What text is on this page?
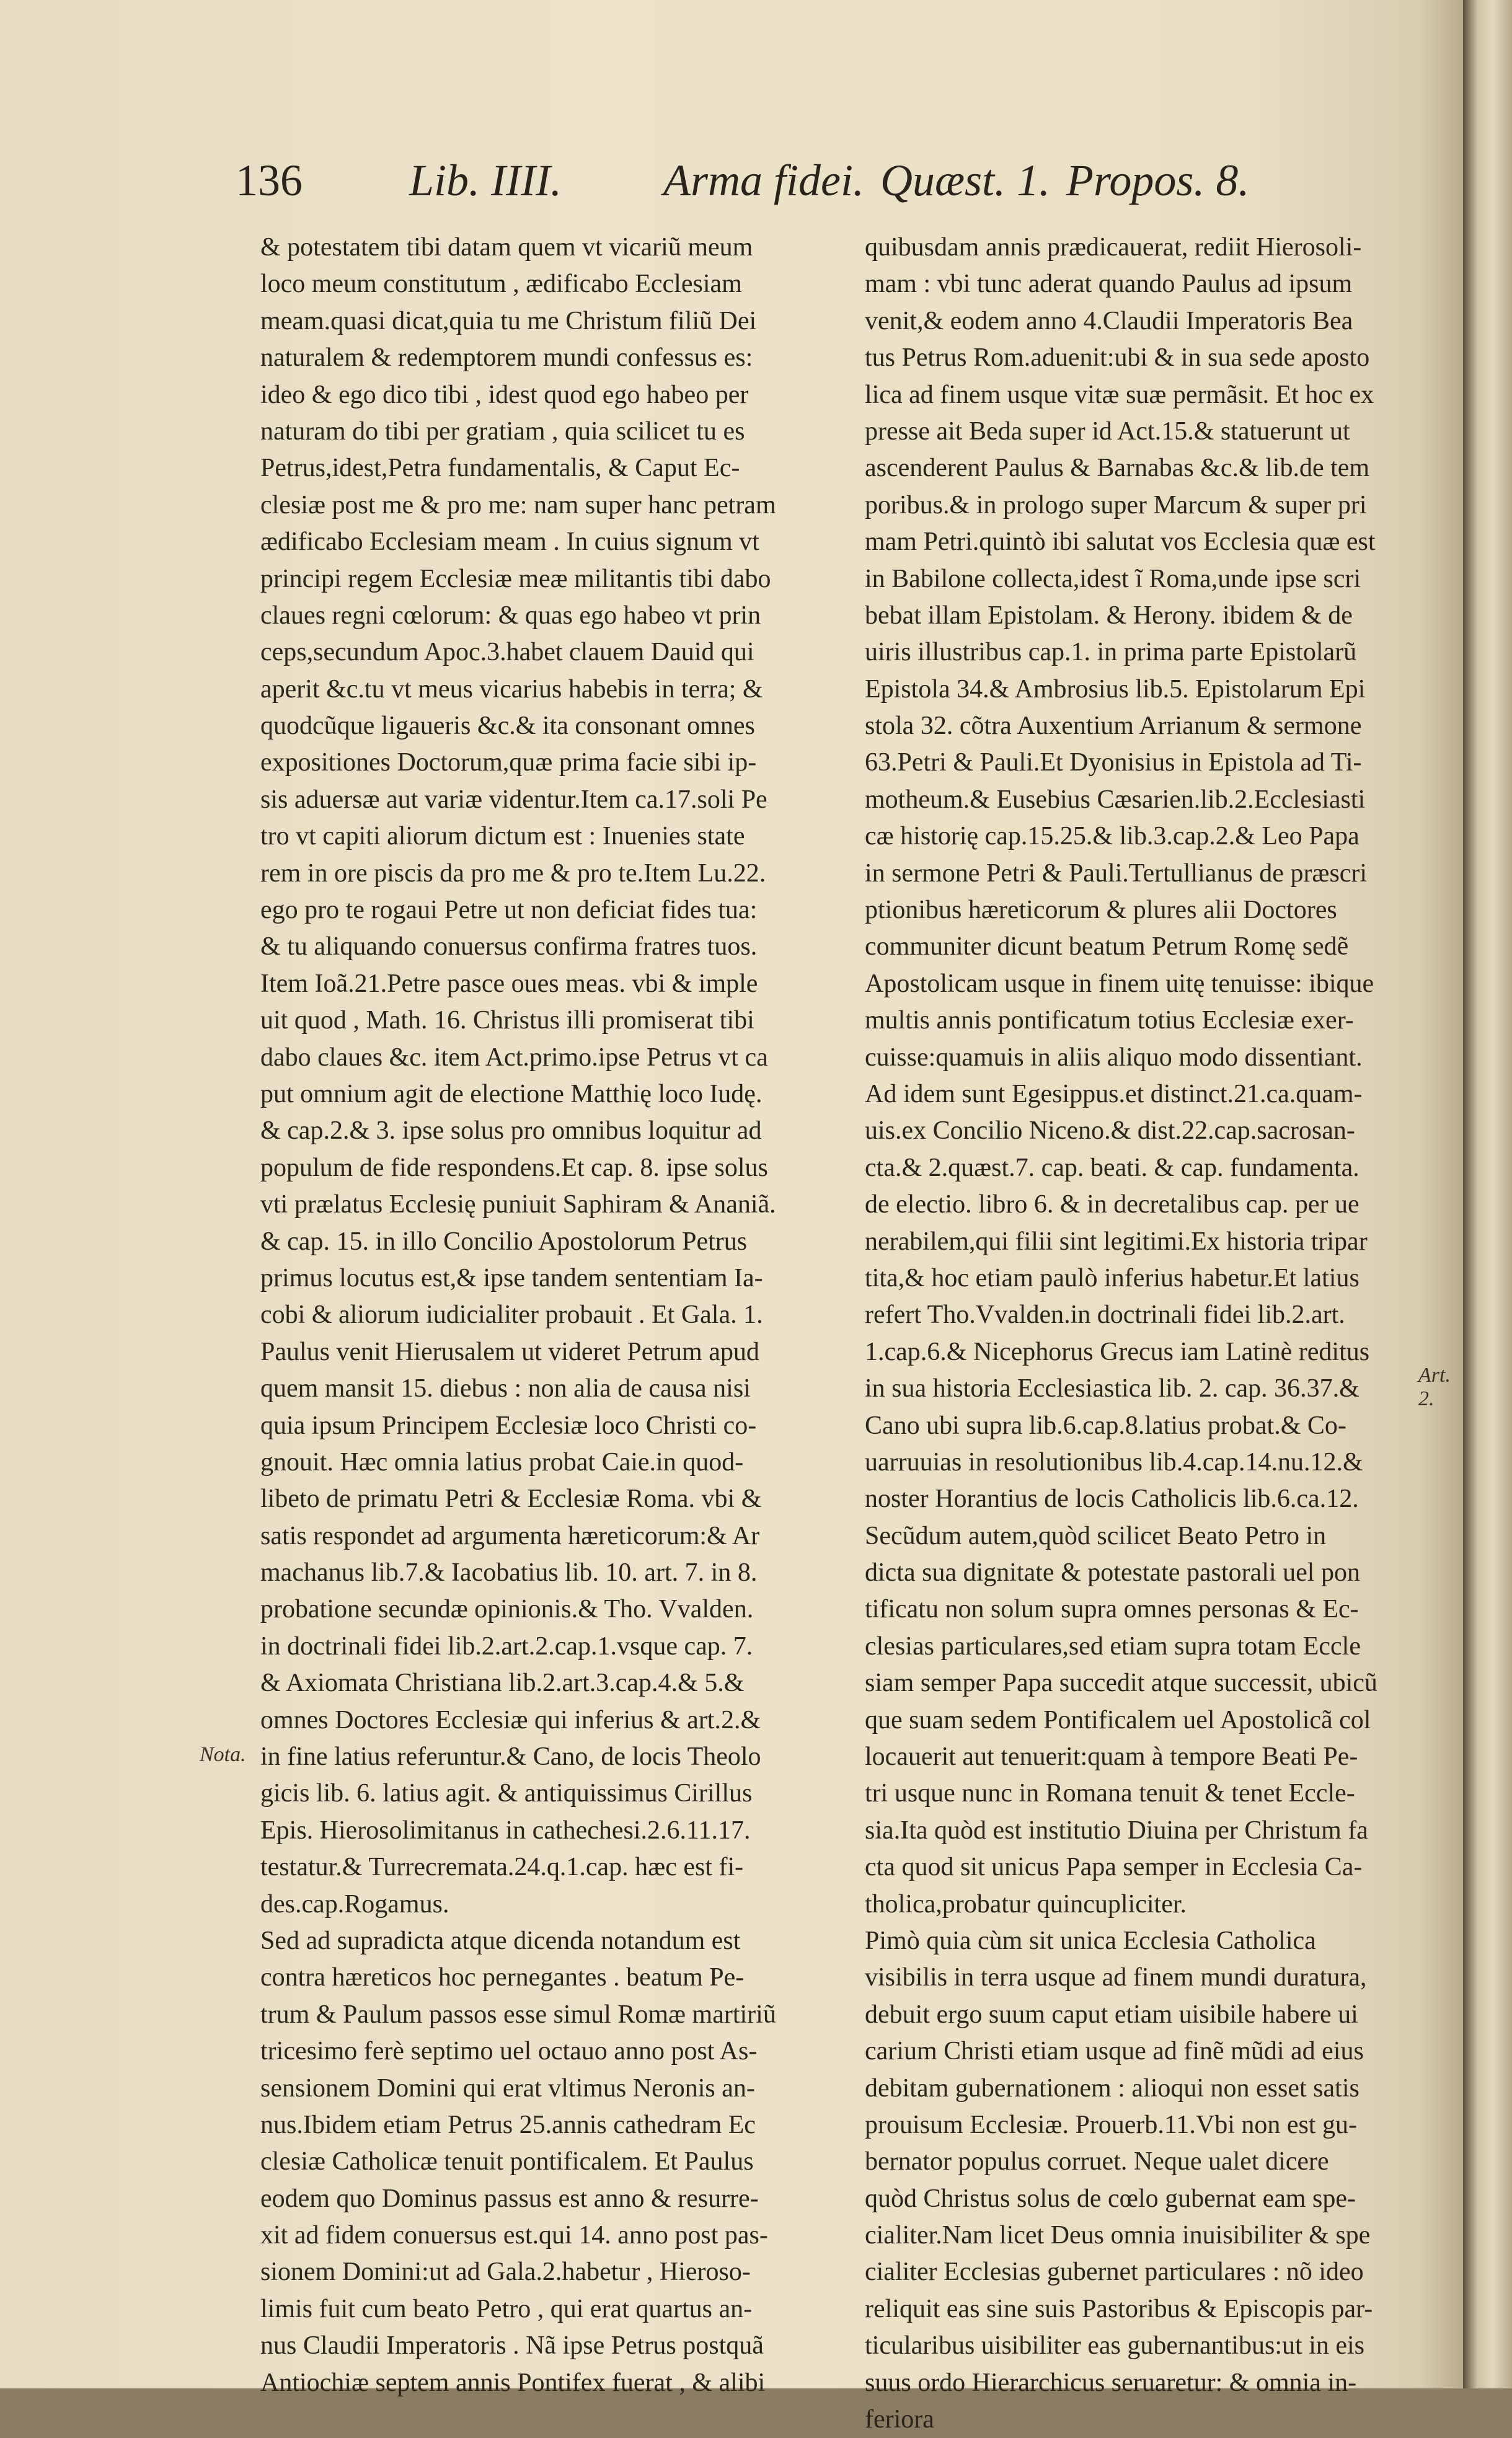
136 Lib. IIII. Arma fidei. Quæst. 1. Propos. 8.
& potestatem tibi datam quem vt vicariũ meum
loco meum constitutum , ædificabo Ecclesiam
meam.quasi dicat,quia tu me Christum filiũ Dei
naturalem & redemptorem mundi confessus es:
ideo & ego dico tibi , idest quod ego habeo per
naturam do tibi per gratiam , quia scilicet tu es
Petrus,idest,Petra fundamentalis, & Caput Ec-
clesiæ post me & pro me: nam super hanc petram
ædificabo Ecclesiam meam . In cuius signum vt
principi regem Ecclesiæ meæ militantis tibi dabo
claues regni cœlorum: & quas ego habeo vt prin
ceps,secundum Apoc.3.habet clauem Dauid qui
aperit &c.tu vt meus vicarius habebis in terra; &
quodcũque ligaueris &c.& ita consonant omnes
expositiones Doctorum,quæ prima facie sibi ip-
sis aduersæ aut variæ videntur.Item ca.17.soli Pe
tro vt capiti aliorum dictum est : Inuenies state
rem in ore piscis da pro me & pro te.Item Lu.22.
ego pro te rogaui Petre ut non deficiat fides tua:
& tu aliquando conuersus confirma fratres tuos.
Item Ioã.21.Petre pasce oues meas. vbi & imple
uit quod , Math. 16. Christus illi promiserat tibi
dabo claues &c. item Act.primo.ipse Petrus vt ca
put omnium agit de electione Matthię loco Iudę.
& cap.2.& 3. ipse solus pro omnibus loquitur ad
populum de fide respondens.Et cap. 8. ipse solus
vti prælatus Ecclesię puniuit Saphiram & Ananiã.
& cap. 15. in illo Concilio Apostolorum Petrus
primus locutus est,& ipse tandem sententiam Ia-
cobi & aliorum iudicialiter probauit . Et Gala. 1.
Paulus venit Hierusalem ut videret Petrum apud
quem mansit 15. diebus : non alia de causa nisi
quia ipsum Principem Ecclesiæ loco Christi co-
gnouit. Hæc omnia latius probat Caie.in quod-
libeto de primatu Petri & Ecclesiæ Roma. vbi &
satis respondet ad argumenta hæreticorum:& Ar
machanus lib.7.& Iacobatius lib. 10. art. 7. in 8.
probatione secundæ opinionis.& Tho. Vvalden.
in doctrinali fidei lib.2.art.2.cap.1.vsque cap. 7.
& Axiomata Christiana lib.2.art.3.cap.4.& 5.&
omnes Doctores Ecclesiæ qui inferius & art.2.&
in fine latius referuntur.& Cano, de locis Theolo
gicis lib. 6. latius agit. & antiquissimus Cirillus
Epis. Hierosolimitanus in cathechesi.2.6.11.17.
testatur.& Turrecremata.24.q.1.cap. hæc est fi-
des.cap.Rogamus.
Sed ad supradicta atque dicenda notandum est
contra hæreticos hoc pernegantes . beatum Pe-
trum & Paulum passos esse simul Romæ martiriũ
tricesimo ferè septimo uel octauo anno post As-
sensionem Domini qui erat vltimus Neronis an-
nus.Ibidem etiam Petrus 25.annis cathedram Ec
clesiæ Catholicæ tenuit pontificalem. Et Paulus
eodem quo Dominus passus est anno & resurre-
xit ad fidem conuersus est.qui 14. anno post pas-
sionem Domini:ut ad Gala.2.habetur , Hieroso-
limis fuit cum beato Petro , qui erat quartus an-
nus Claudii Imperatoris . Nã ipse Petrus postquã
Antiochiæ septem annis Pontifex fuerat , & alibi
quibusdam annis prædicauerat, rediit Hierosoli-
mam : vbi tunc aderat quando Paulus ad ipsum
venit,& eodem anno 4.Claudii Imperatoris Bea
tus Petrus Rom.aduenit:ubi & in sua sede aposto
lica ad finem usque vitæ suæ permãsit. Et hoc ex
presse ait Beda super id Act.15.& statuerunt ut
ascenderent Paulus & Barnabas &c.& lib.de tem
poribus.& in prologo super Marcum & super pri
mam Petri.quintò ibi salutat vos Ecclesia quæ est
in Babilone collecta,idest ĩ Roma,unde ipse scri
bebat illam Epistolam. & Herony. ibidem & de
uiris illustribus cap.1. in prima parte Epistolarũ
Epistola 34.& Ambrosius lib.5. Epistolarum Epi
stola 32. cõtra Auxentium Arrianum & sermone
63.Petri & Pauli.Et Dyonisius in Epistola ad Ti-
motheum.& Eusebius Cæsarien.lib.2.Ecclesiasti
cæ historię cap.15.25.& lib.3.cap.2.& Leo Papa
in sermone Petri & Pauli.Tertullianus de præscri
ptionibus hæreticorum & plures alii Doctores
communiter dicunt beatum Petrum Romę sedẽ
Apostolicam usque in finem uitę tenuisse: ibique
multis annis pontificatum totius Ecclesiæ exer-
cuisse:quamuis in aliis aliquo modo dissentiant.
Ad idem sunt Egesippus.et distinct.21.ca.quam-
uis.ex Concilio Niceno.& dist.22.cap.sacrosan-
cta.& 2.quæst.7. cap. beati. & cap. fundamenta.
de electio. libro 6. & in decretalibus cap. per ue
nerabilem,qui filii sint legitimi.Ex historia tripar
tita,& hoc etiam paulò inferius habetur.Et latius
refert Tho.Vvalden.in doctrinali fidei lib.2.art.
1.cap.6.& Nicephorus Grecus iam Latinè reditus
in sua historia Ecclesiastica lib. 2. cap. 36.37.&
Cano ubi supra lib.6.cap.8.latius probat.& Co-
uarruuias in resolutionibus lib.4.cap.14.nu.12.&
noster Horantius de locis Catholicis lib.6.ca.12.
Secũdum autem,quòd scilicet Beato Petro in
dicta sua dignitate & potestate pastorali uel pon
tificatu non solum supra omnes personas & Ec-
clesias particulares,sed etiam supra totam Eccle
siam semper Papa succedit atque successit, ubicũ
que suam sedem Pontificalem uel Apostolicã col
locauerit aut tenuerit:quam à tempore Beati Pe-
tri usque nunc in Romana tenuit & tenet Eccle-
sia.Ita quòd est institutio Diuina per Christum fa
cta quod sit unicus Papa semper in Ecclesia Ca-
tholica,probatur quincupliciter.
Pimò quia cùm sit unica Ecclesia Catholica
visibilis in terra usque ad finem mundi duratura,
debuit ergo suum caput etiam uisibile habere ui
carium Christi etiam usque ad finẽ mũdi ad eius
debitam gubernationem : alioqui non esset satis
prouisum Ecclesiæ. Prouerb.11.Vbi non est gu-
bernator populus corruet. Neque ualet dicere
quòd Christus solus de cœlo gubernat eam spe-
cialiter.Nam licet Deus omnia inuisibiliter & spe
cialiter Ecclesias gubernet particulares : nõ ideo
reliquit eas sine suis Pastoribus & Episcopis par-
ticularibus uisibiliter eas gubernantibus:ut in eis
suus ordo Hierarchicus seruaretur: & omnia in-
feriora
Nota.
Art. 2.
